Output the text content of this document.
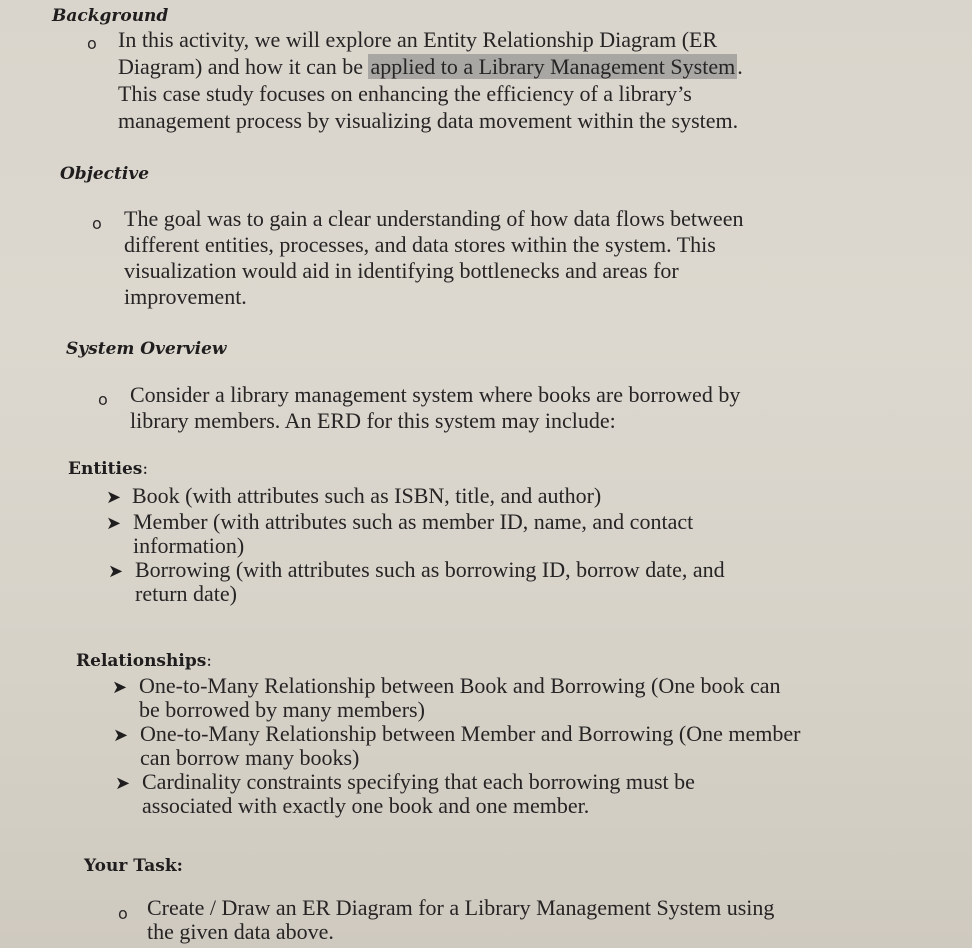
Background
o In this activity, we will explore an Entity Relationship Diagram (ER
Diagram) and how it can be applied to a Library Management System.
This case study focuses on enhancing the efficiency of a library’s
management process by visualizing data movement within the system.
Objective
o The goal was to gain a clear understanding of how data flows between
different entities, processes, and data stores within the system. This
visualization would aid in identifying bottlenecks and areas for
improvement.
System Overview
o Consider a library management system where books are borrowed by
library members. An ERD for this system may include:
Entities:
➤ Book (with attributes such as ISBN, title, and author)
➤ Member (with attributes such as member ID, name, and contact
information)
➤ Borrowing (with attributes such as borrowing ID, borrow date, and
return date)
Relationships:
➤ One-to-Many Relationship between Book and Borrowing (One book can
be borrowed by many members)
➤ One-to-Many Relationship between Member and Borrowing (One member
can borrow many books)
➤ Cardinality constraints specifying that each borrowing must be
associated with exactly one book and one member.
Your Task:
o Create / Draw an ER Diagram for a Library Management System using
the given data above.
